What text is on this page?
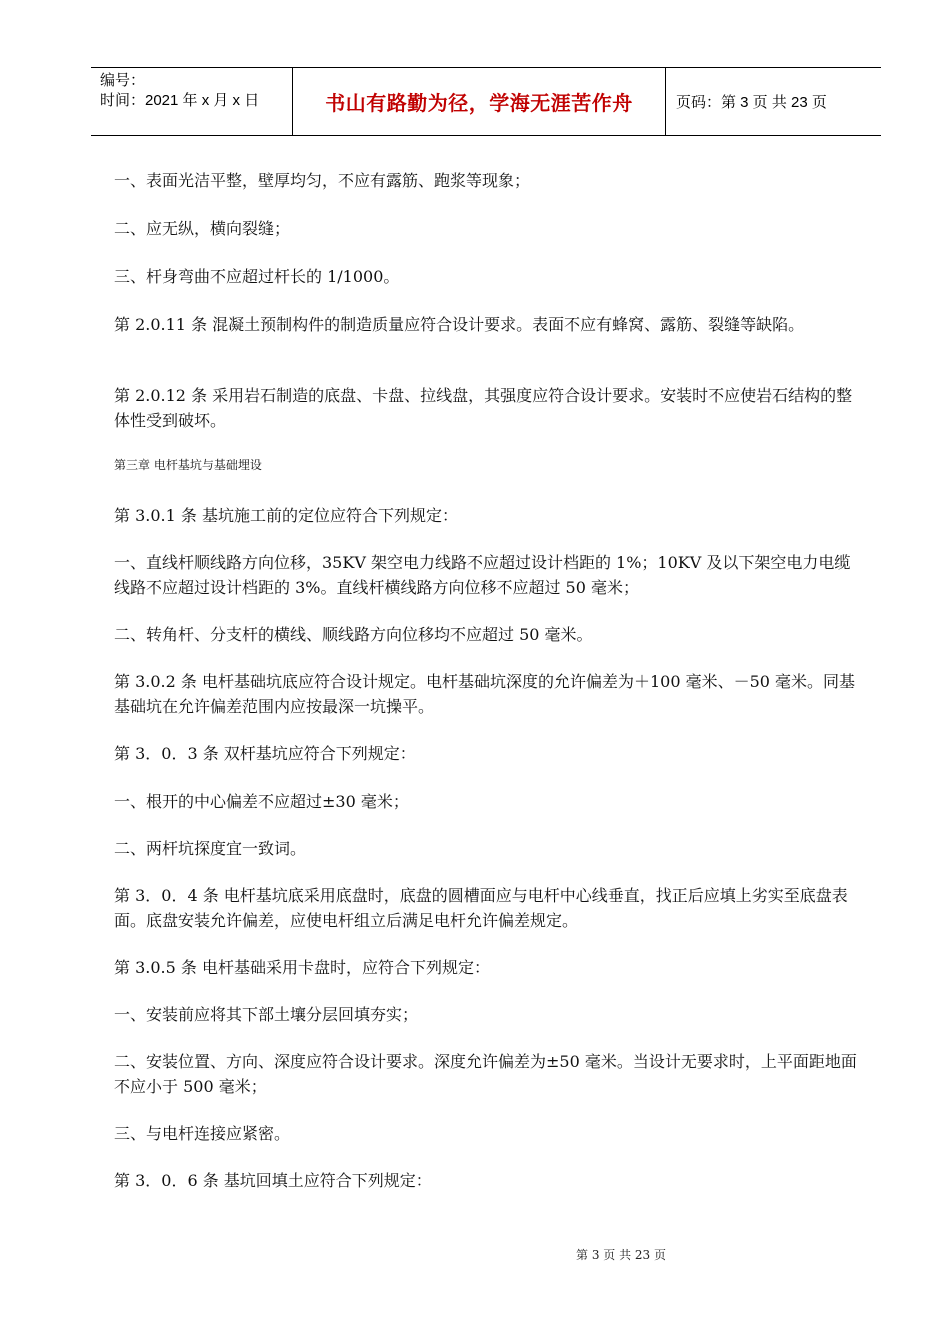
编号：
时间：2021 年 x 月 x 日	书山有路勤为径，学海无涯苦作舟	页码：第 3 页 共 23 页

一、表面光洁平整，壁厚均匀，不应有露筋、跑浆等现象；

二、应无纵，横向裂缝；

三、杆身弯曲不应超过杆长的 1/1000。

第 2.0.11 条 混凝土预制构件的制造质量应符合设计要求。表面不应有蜂窝、露筋、裂缝等缺陷。

第 2.0.12 条 采用岩石制造的底盘、卡盘、拉线盘，其强度应符合设计要求。安装时不应使岩石结构的整体性受到破坏。

第三章 电杆基坑与基础埋设

第 3.0.1 条 基坑施工前的定位应符合下列规定：

一、直线杆顺线路方向位移，35KV 架空电力线路不应超过设计档距的 1%；10KV 及以下架空电力电缆线路不应超过设计档距的 3%。直线杆横线路方向位移不应超过 50 毫米；

二、转角杆、分支杆的横线、顺线路方向位移均不应超过 50 毫米。

第 3.0.2 条 电杆基础坑底应符合设计规定。电杆基础坑深度的允许偏差为＋100 毫米、－50 毫米。同基基础坑在允许偏差范围内应按最深一坑操平。

第 3．0．3 条 双杆基坑应符合下列规定：

一、根开的中心偏差不应超过±30 毫米；

二、两杆坑探度宜一致词。

第 3．0．4 条 电杆基坑底采用底盘时，底盘的圆槽面应与电杆中心线垂直，找正后应填上劣实至底盘表面。底盘安装允许偏差，应使电杆组立后满足电杆允许偏差规定。

第 3.0.5 条 电杆基础采用卡盘时，应符合下列规定：

一、安装前应将其下部土壤分层回填夯实；

二、安装位置、方向、深度应符合设计要求。深度允许偏差为±50 毫米。当设计无要求时，上平面距地面不应小于 500 毫米；

三、与电杆连接应紧密。

第 3．0．6 条 基坑回填土应符合下列规定：

第 3 页 共 23 页
